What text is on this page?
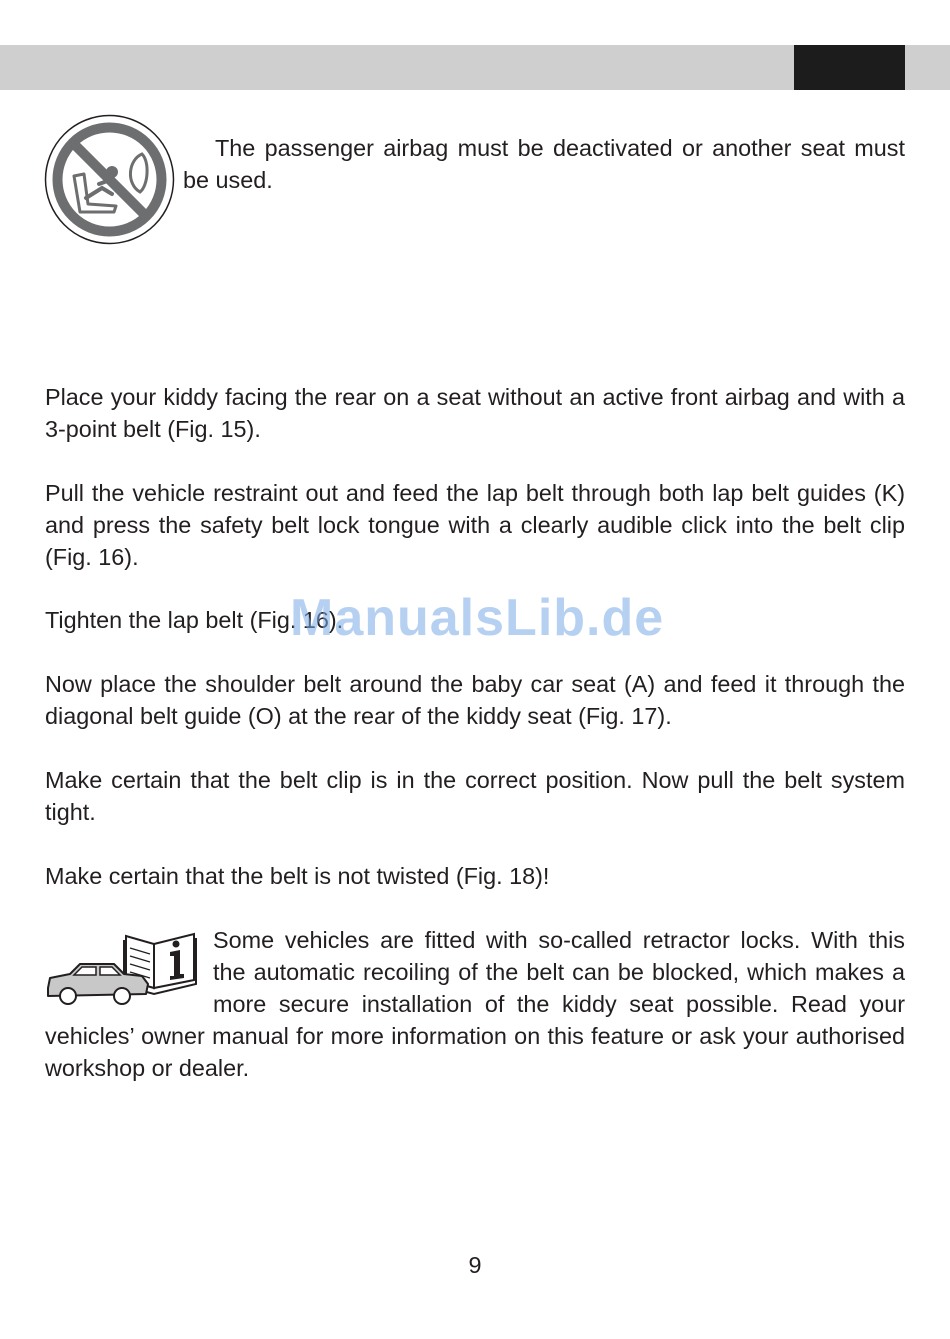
The passenger airbag must be deactivated or another seat must be used.
Place your kiddy facing the rear on a seat without an active front airbag and with a 3-point belt (Fig. 15).
Pull the vehicle restraint out and feed the lap belt through both lap belt guides (K) and press the safety belt lock tongue with a clearly audible click into the belt clip (Fig. 16).
Tighten the lap belt (Fig. 16).
Now place the shoulder belt around the baby car seat (A) and feed it through the diagonal belt guide (O) at the rear of the kiddy seat (Fig. 17).
Make certain that the belt clip is in the correct position. Now pull the belt system tight.
Make certain that the belt is not twisted (Fig. 18)!
Some vehicles are fitted with so-called retractor locks. With this the automatic recoiling of the belt can be blocked, which makes a more secure installation of the kiddy seat possible. Read your vehicles’ owner manual for more information on this feature or ask your authorised workshop or dealer.
ManualsLib.de
9
